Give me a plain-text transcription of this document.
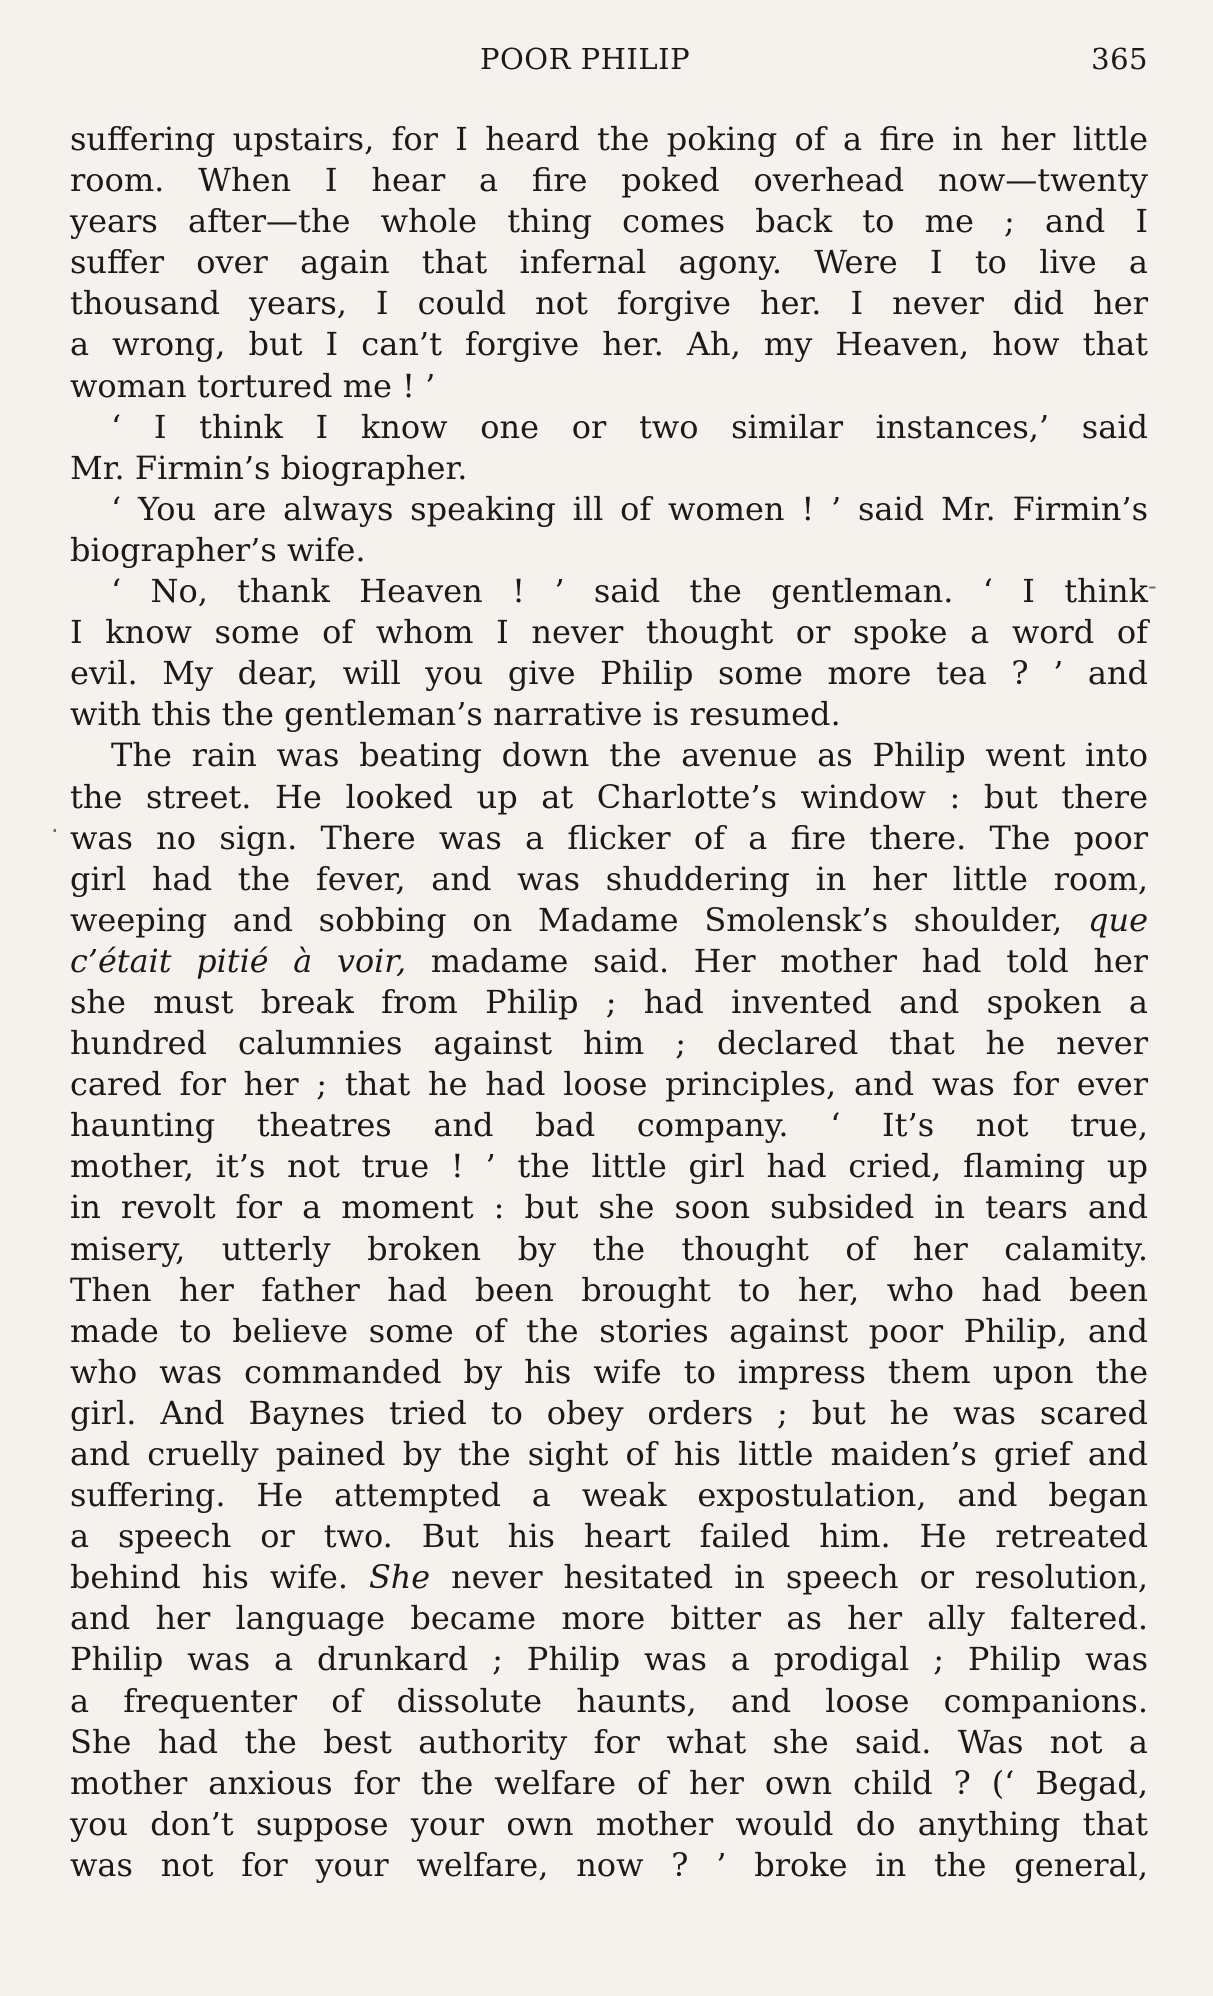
POOR PHILIP	365
-
.
suffering upstairs, for I heard the poking of a fire in her little
room. When I hear a fire poked overhead now—twenty
years after—the whole thing comes back to me ; and I
suffer over again that infernal agony. Were I to live a
thousand years, I could not forgive her. I never did her
a wrong, but I can’t forgive her. Ah, my Heaven, how that
woman tortured me ! ’
‘ I think I know one or two similar instances,’ said
Mr. Firmin’s biographer.
‘ You are always speaking ill of women ! ’ said Mr. Firmin’s
biographer’s wife.
‘ No, thank Heaven ! ’ said the gentleman. ‘ I think
I know some of whom I never thought or spoke a word of
evil. My dear, will you give Philip some more tea ? ’ and
with this the gentleman’s narrative is resumed.
The rain was beating down the avenue as Philip went into
the street. He looked up at Charlotte’s window : but there
was no sign. There was a flicker of a fire there. The poor
girl had the fever, and was shuddering in her little room,
weeping and sobbing on Madame Smolensk’s shoulder, que
c’était pitié à voir, madame said. Her mother had told her
she must break from Philip ; had invented and spoken a
hundred calumnies against him ; declared that he never
cared for her ; that he had loose principles, and was for ever
haunting theatres and bad company. ‘ It’s not true,
mother, it’s not true ! ’ the little girl had cried, flaming up
in revolt for a moment : but she soon subsided in tears and
misery, utterly broken by the thought of her calamity.
Then her father had been brought to her, who had been
made to believe some of the stories against poor Philip, and
who was commanded by his wife to impress them upon the
girl. And Baynes tried to obey orders ; but he was scared
and cruelly pained by the sight of his little maiden’s grief and
suffering. He attempted a weak expostulation, and began
a speech or two. But his heart failed him. He retreated
behind his wife. She never hesitated in speech or resolution,
and her language became more bitter as her ally faltered.
Philip was a drunkard ; Philip was a prodigal ; Philip was
a frequenter of dissolute haunts, and loose companions.
She had the best authority for what she said. Was not a
mother anxious for the welfare of her own child ? (‘ Begad,
you don’t suppose your own mother would do anything that
was not for your welfare, now ? ’ broke in the general,
